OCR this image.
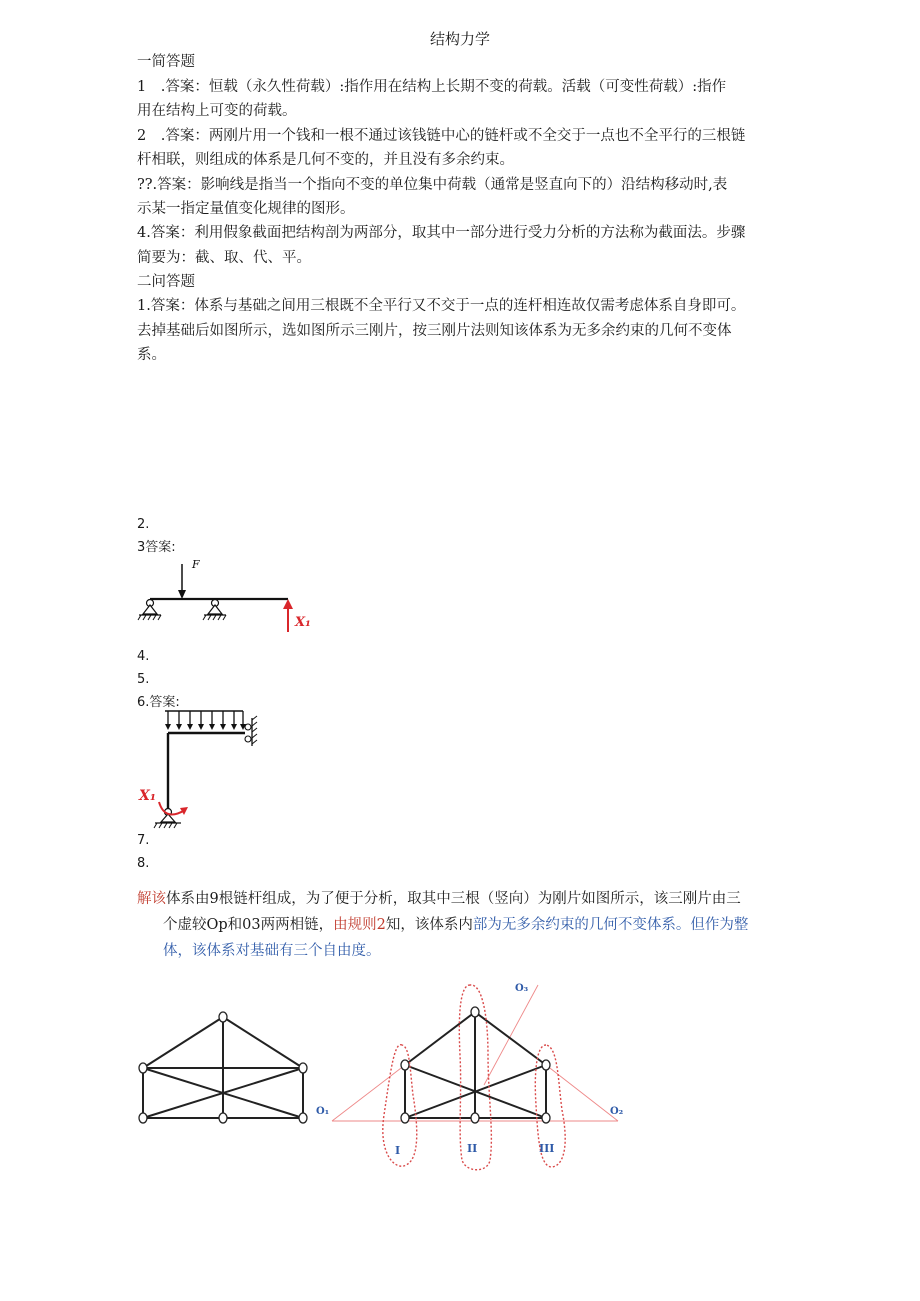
结构力学
一简答题
1　.答案：恒载（永久性荷载）:指作用在结构上长期不变的荷载。活载（可变性荷载）:指作
用在结构上可变的荷载。
2　.答案：两刚片用一个钱和一根不通过该钱链中心的链杆或不全交于一点也不全平行的三根链
杆相联，则组成的体系是几何不变的，并且没有多余约束。
??.答案：影响线是指当一个指向不变的单位集中荷载（通常是竖直向下的）沿结构移动时,表
示某一指定量值变化规律的图形。
4.答案：利用假象截面把结构剖为两部分，取其中一部分进行受力分析的方法称为截面法。步骤
简要为：截、取、代、平。
二问答题
1.答案：体系与基础之间用三根既不全平行又不交于一点的连杆相连故仅需考虑体系自身即可。
去掉基础后如图所示，选如图所示三刚片，按三刚片法则知该体系为无多余约束的几何不变体
系。
2.
3答案:
F
X₁
4.
5.
6.答案:
X₁
7.
8.
解该体系由9根链杆组成，为了便于分析，取其中三根（竖向）为刚片如图所示，该三刚片由三
个虚较Op和03两两相链，由规则2知，该体系内部为无多余约束的几何不变体系。但作为整
体，该体系对基础有三个自由度。
O₃
O₁	O₂
I	II	III
